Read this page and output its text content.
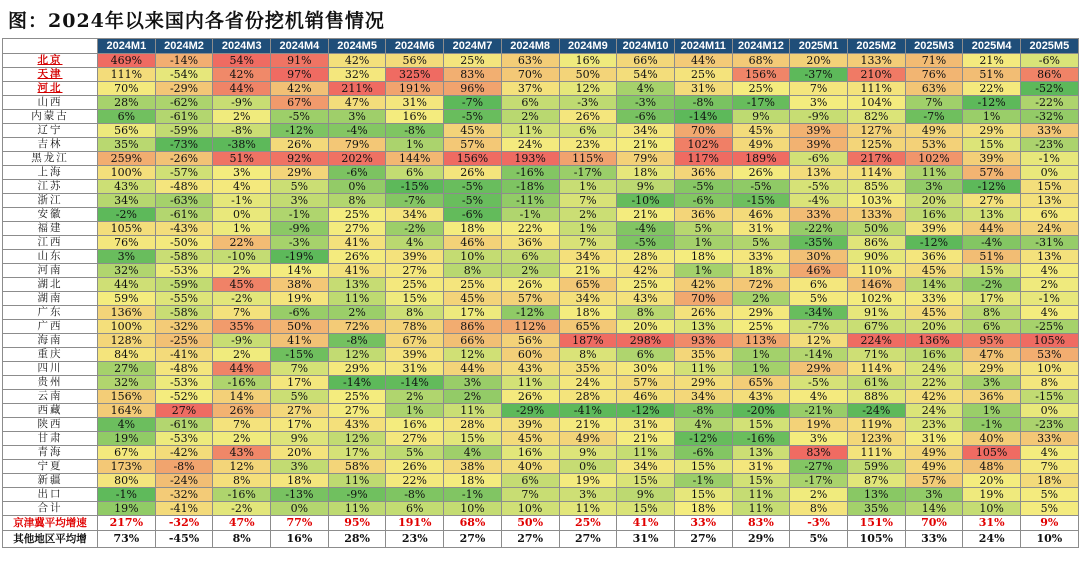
图：2024年以来国内各省份挖机销售情况
	2024M1	2024M2	2024M3	2024M4	2024M5	2024M6	2024M7	2024M8	2024M9	2024M10	2024M11	2024M12	2025M1	2025M2	2025M3	2025M4	2025M5
北京	469%	-14%	54%	91%	42%	56%	25%	63%	16%	66%	44%	68%	20%	133%	71%	21%	-6%
天津	111%	-54%	42%	97%	32%	325%	83%	70%	50%	54%	25%	156%	-37%	210%	76%	51%	86%
河北	70%	-29%	44%	42%	211%	191%	96%	37%	12%	4%	31%	25%	7%	111%	63%	22%	-52%
山西	28%	-62%	-9%	67%	47%	31%	-7%	6%	-3%	-3%	-8%	-17%	3%	104%	7%	-12%	-22%
内蒙古	6%	-61%	2%	-5%	3%	16%	-5%	2%	26%	-6%	-14%	9%	-9%	82%	-7%	1%	-32%
辽宁	56%	-59%	-8%	-12%	-4%	-8%	45%	11%	6%	34%	70%	45%	39%	127%	49%	29%	33%
吉林	35%	-73%	-38%	26%	79%	1%	57%	24%	23%	21%	102%	49%	39%	125%	53%	15%	-23%
黑龙江	259%	-26%	51%	92%	202%	144%	156%	193%	115%	79%	117%	189%	-6%	217%	102%	39%	-1%
上海	100%	-57%	3%	29%	-6%	6%	26%	-16%	-17%	18%	36%	26%	13%	114%	11%	57%	0%
江苏	43%	-48%	4%	5%	0%	-15%	-5%	-18%	1%	9%	-5%	-5%	-5%	85%	3%	-12%	15%
浙江	34%	-63%	-1%	3%	8%	-7%	-5%	-11%	7%	-10%	-6%	-15%	-4%	103%	20%	27%	13%
安徽	-2%	-61%	0%	-1%	25%	34%	-6%	-1%	2%	21%	36%	46%	33%	133%	16%	13%	6%
福建	105%	-43%	1%	-9%	27%	-2%	18%	22%	1%	-4%	5%	31%	-22%	50%	39%	44%	24%
江西	76%	-50%	22%	-3%	41%	4%	46%	36%	7%	-5%	1%	5%	-35%	86%	-12%	-4%	-31%
山东	3%	-58%	-10%	-19%	26%	39%	10%	6%	34%	28%	18%	33%	30%	90%	36%	51%	13%
河南	32%	-53%	2%	14%	41%	27%	8%	2%	21%	42%	1%	18%	46%	110%	45%	15%	4%
湖北	44%	-59%	45%	38%	13%	25%	25%	26%	65%	25%	42%	72%	6%	146%	14%	-2%	2%
湖南	59%	-55%	-2%	19%	11%	15%	45%	57%	34%	43%	70%	2%	5%	102%	33%	17%	-1%
广东	136%	-58%	7%	-6%	2%	8%	17%	-12%	18%	8%	26%	29%	-34%	91%	45%	8%	4%
广西	100%	-32%	35%	50%	72%	78%	86%	112%	65%	20%	13%	25%	-7%	67%	20%	6%	-25%
海南	128%	-25%	-9%	41%	-8%	67%	66%	56%	187%	298%	93%	113%	12%	224%	136%	95%	105%
重庆	84%	-41%	2%	-15%	12%	39%	12%	60%	8%	6%	35%	1%	-14%	71%	16%	47%	53%
四川	27%	-48%	44%	7%	29%	31%	44%	43%	35%	30%	11%	1%	29%	114%	24%	29%	10%
贵州	32%	-53%	-16%	17%	-14%	-14%	3%	11%	24%	57%	29%	65%	-5%	61%	22%	3%	8%
云南	156%	-52%	14%	5%	25%	2%	2%	26%	28%	46%	34%	43%	4%	88%	42%	36%	-15%
西藏	164%	27%	26%	27%	27%	1%	11%	-29%	-41%	-12%	-8%	-20%	-21%	-24%	24%	1%	0%
陕西	4%	-61%	7%	17%	43%	16%	28%	39%	21%	31%	4%	15%	19%	119%	23%	-1%	-23%
甘肃	19%	-53%	2%	9%	12%	27%	15%	45%	49%	21%	-12%	-16%	3%	123%	31%	40%	33%
青海	67%	-42%	43%	20%	17%	5%	4%	16%	9%	11%	-6%	13%	83%	111%	49%	105%	4%
宁夏	173%	-8%	12%	3%	58%	26%	38%	40%	0%	34%	15%	31%	-27%	59%	49%	48%	7%
新疆	80%	-24%	8%	18%	11%	22%	18%	6%	19%	15%	-1%	15%	-17%	87%	57%	20%	18%
出口	-1%	-32%	-16%	-13%	-9%	-8%	-1%	7%	3%	9%	15%	11%	2%	13%	3%	19%	5%
合计	19%	-41%	-2%	0%	11%	6%	10%	10%	11%	15%	18%	11%	8%	35%	14%	10%	5%
京津冀平均增速	217%	-32%	47%	77%	95%	191%	68%	50%	25%	41%	33%	83%	-3%	151%	70%	31%	9%
其他地区平均增	73%	-45%	8%	16%	28%	23%	27%	27%	27%	31%	27%	29%	5%	105%	33%	24%	10%
